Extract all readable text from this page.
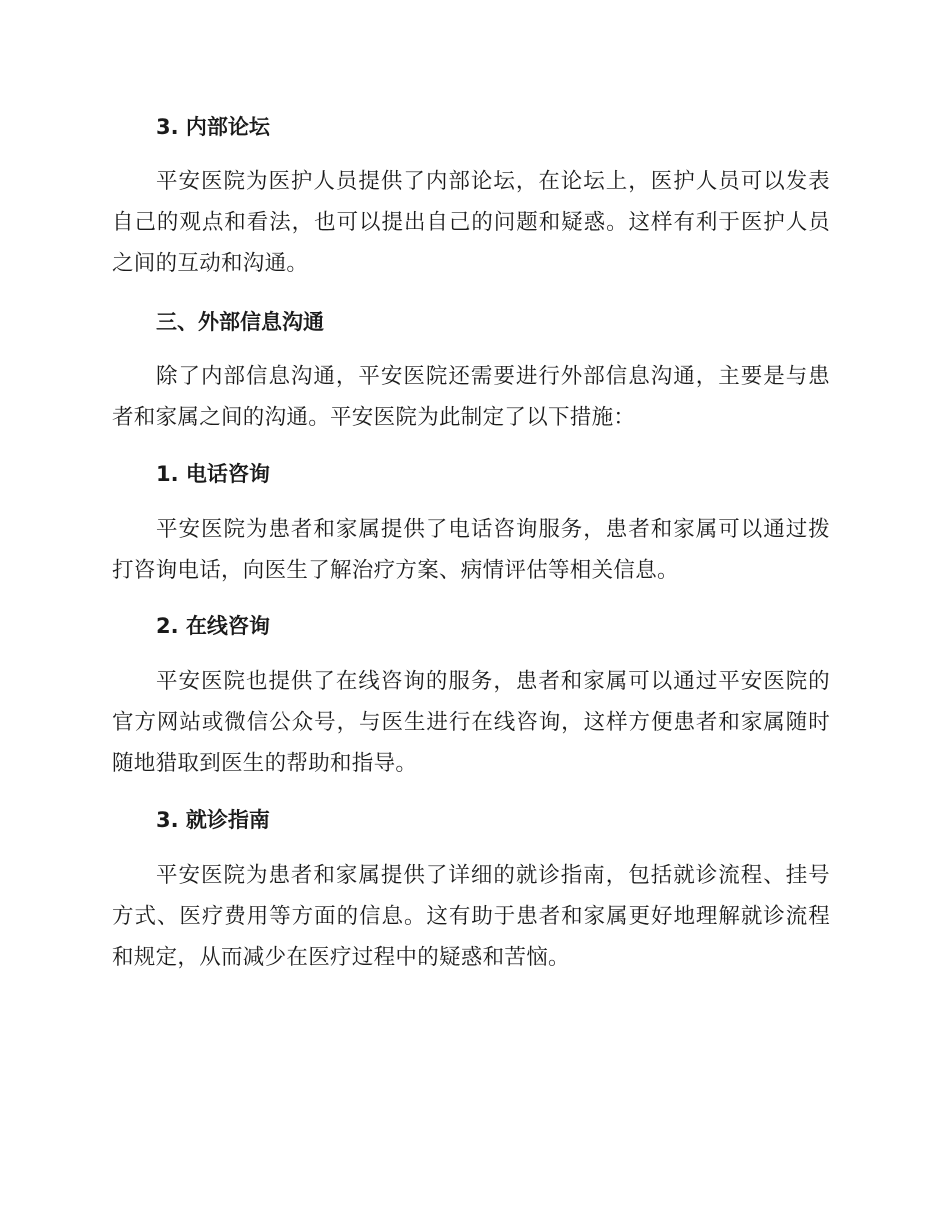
3. 内部论坛

平安医院为医护人员提供了内部论坛，在论坛上，医护人员可以发表自己的观点和看法，也可以提出自己的问题和疑惑。这样有利于医护人员之间的互动和沟通。

三、外部信息沟通

除了内部信息沟通，平安医院还需要进行外部信息沟通，主要是与患者和家属之间的沟通。平安医院为此制定了以下措施：

1. 电话咨询

平安医院为患者和家属提供了电话咨询服务，患者和家属可以通过拨打咨询电话，向医生了解治疗方案、病情评估等相关信息。

2. 在线咨询

平安医院也提供了在线咨询的服务，患者和家属可以通过平安医院的官方网站或微信公众号，与医生进行在线咨询，这样方便患者和家属随时随地猎取到医生的帮助和指导。

3. 就诊指南

平安医院为患者和家属提供了详细的就诊指南，包括就诊流程、挂号方式、医疗费用等方面的信息。这有助于患者和家属更好地理解就诊流程和规定，从而减少在医疗过程中的疑惑和苦恼。
